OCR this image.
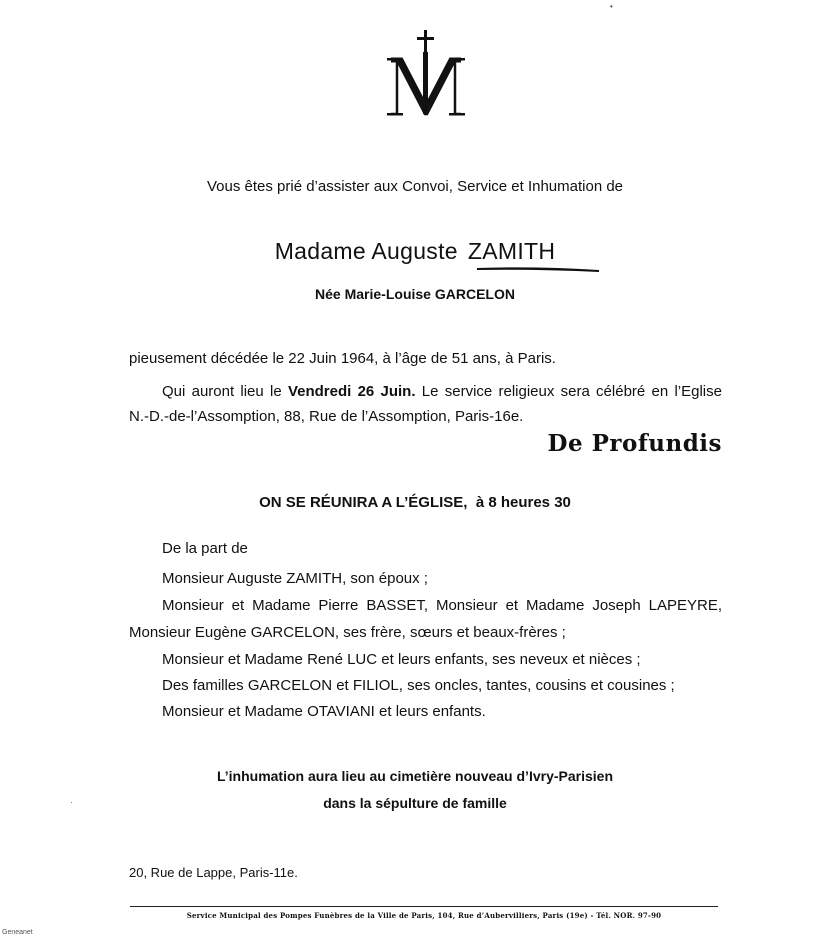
Vous êtes prié d’assister aux Convoi, Service et Inhumation de
Madame Auguste ZAMITH
Née Marie-Louise GARCELON
pieusement décédée le 22 Juin 1964, à l’âge de 51 ans, à Paris.
Qui auront lieu le Vendredi 26 Juin. Le service religieux sera célébré en l’Eglise
N.-D.-de-l’Assomption, 88, Rue de l’Assomption, Paris-16e.
De Profundis
ON SE RÉUNIRA A L’ÉGLISE, à 8 heures 30
De la part de
Monsieur Auguste ZAMITH, son époux ;
Monsieur et Madame Pierre BASSET, Monsieur et Madame Joseph LAPEYRE,
Monsieur Eugène GARCELON, ses frère, sœurs et beaux-frères ;
Monsieur et Madame René LUC et leurs enfants, ses neveux et nièces ;
Des familles GARCELON et FILIOL, ses oncles, tantes, cousins et cousines ;
Monsieur et Madame OTAVIANI et leurs enfants.
L’inhumation aura lieu au cimetière nouveau d’Ivry-Parisien
dans la sépulture de famille
20, Rue de Lappe, Paris-11e.
Service Municipal des Pompes Funèbres de la Ville de Paris, 104, Rue d’Aubervilliers, Paris (19e) - Tél. NOR. 97-90
•
·
Geneanet
